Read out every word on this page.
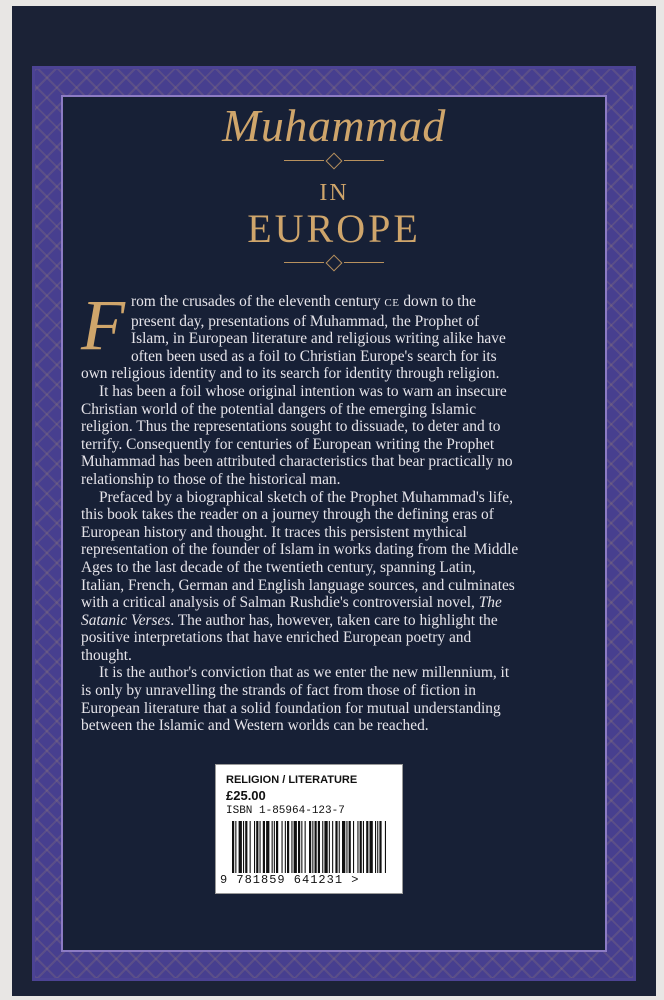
Muhammad
IN
EUROPE

From the crusades of the eleventh century CE down to the present day, presentations of Muhammad, the Prophet of Islam, in European literature and religious writing alike have often been used as a foil to Christian Europe's search for its own religious identity and to its search for identity through religion.

It has been a foil whose original intention was to warn an insecure Christian world of the potential dangers of the emerging Islamic religion. Thus the representations sought to dissuade, to deter and to terrify. Consequently for centuries of European writing the Prophet Muhammad has been attributed characteristics that bear practically no relationship to those of the historical man.

Prefaced by a biographical sketch of the Prophet Muhammad's life, this book takes the reader on a journey through the defining eras of European history and thought. It traces this persistent mythical representation of the founder of Islam in works dating from the Middle Ages to the last decade of the twentieth century, spanning Latin, Italian, French, German and English language sources, and culminates with a critical analysis of Salman Rushdie's controversial novel, The Satanic Verses. The author has, however, taken care to highlight the positive interpretations that have enriched European poetry and thought.

It is the author's conviction that as we enter the new millennium, it is only by unravelling the strands of fact from those of fiction in European literature that a solid foundation for mutual understanding between the Islamic and Western worlds can be reached.

RELIGION / LITERATURE
£25.00
ISBN 1-85964-123-7
9 781859 641231 >
